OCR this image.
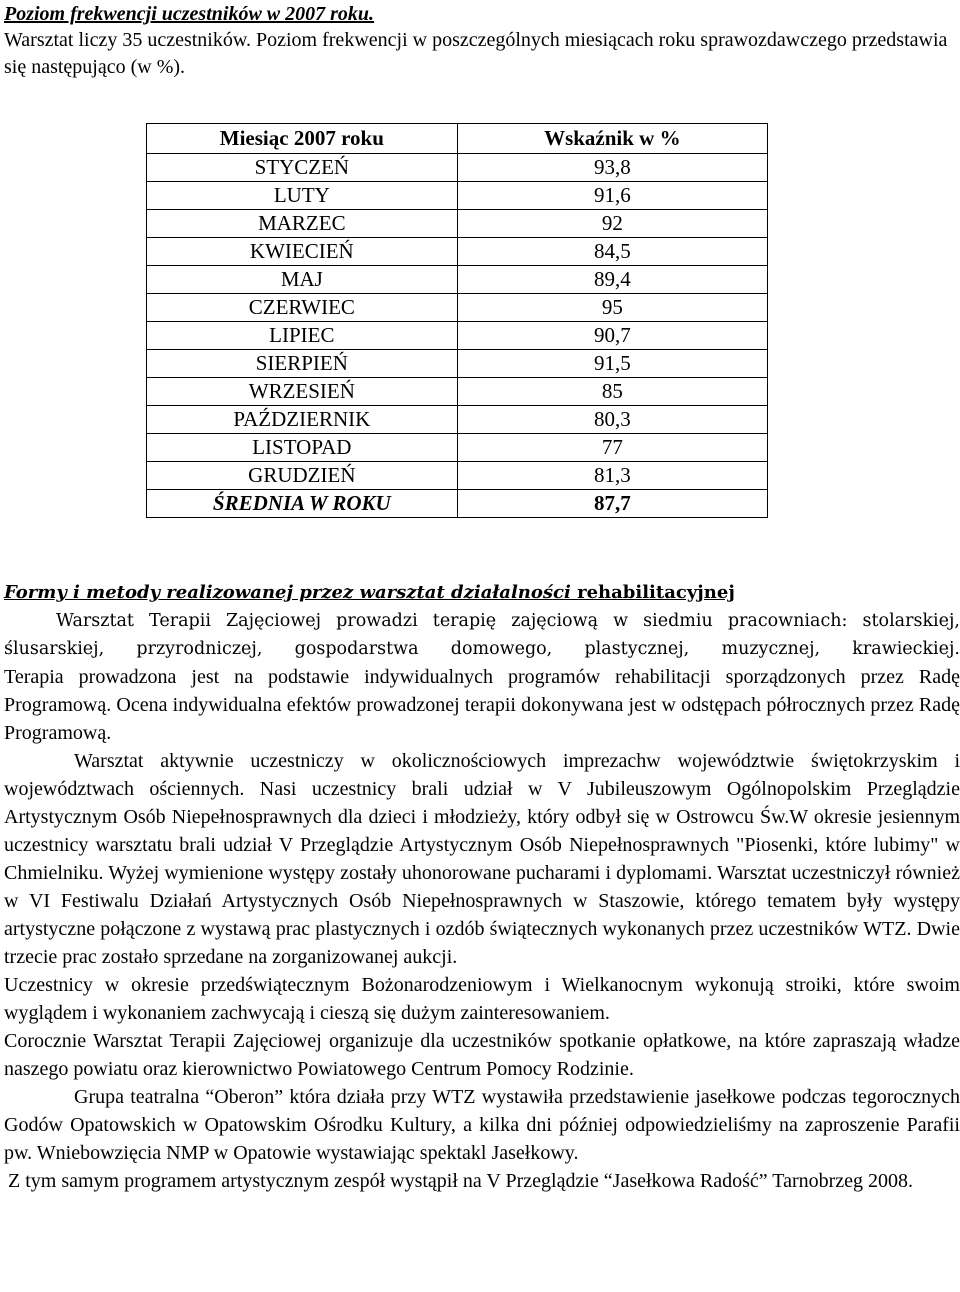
Poziom frekwencji uczestników w 2007 roku.

Warsztat liczy 35 uczestników. Poziom frekwencji w poszczególnych miesiącach roku sprawozdawczego przedstawia się następująco (w %).

Miesiąc 2007 roku	Wskaźnik w %
STYCZEŃ	93,8
LUTY	91,6
MARZEC	92
KWIECIEŃ	84,5
MAJ	89,4
CZERWIEC	95
LIPIEC	90,7
SIERPIEŃ	91,5
WRZESIEŃ	85
PAŹDZIERNIK	80,3
LISTOPAD	77
GRUDZIEŃ	81,3
ŚREDNIA W ROKU	87,7
Formy i metody realizowanej przez warsztat działalności rehabilitacyjnej

Warsztat Terapii Zajęciowej prowadzi terapię zajęciową w siedmiu pracowniach: stolarskiej, ślusarskiej, przyrodniczej, gospodarstwa domowego, plastycznej, muzycznej, krawieckiej.

Terapia prowadzona jest na podstawie indywidualnych programów rehabilitacji sporządzonych przez Radę Programową. Ocena indywidualna efektów prowadzonej terapii dokonywana jest w odstępach półrocznych przez Radę Programową.

Warsztat aktywnie uczestniczy w okolicznościowych imprezachw województwie świętokrzyskim i województwach ościennych. Nasi uczestnicy brali udział w V Jubileuszowym Ogólnopolskim Przeglądzie Artystycznym Osób Niepełnosprawnych dla dzieci i młodzieży, który odbył się w Ostrowcu Św.W okresie jesiennym uczestnicy warsztatu brali udział V Przeglądzie Artystycznym Osób Niepełnosprawnych "Piosenki, które lubimy" w Chmielniku. Wyżej wymienione występy zostały uhonorowane pucharami i dyplomami. Warsztat uczestniczył również w VI Festiwalu Działań Artystycznych Osób Niepełnosprawnych w Staszowie, którego tematem były występy artystyczne połączone z wystawą prac plastycznych i ozdób świątecznych wykonanych przez uczestników WTZ. Dwie trzecie prac zostało sprzedane na zorganizowanej aukcji.

Uczestnicy w okresie przedświątecznym Bożonarodzeniowym i Wielkanocnym wykonują stroiki, które swoim wyglądem i wykonaniem zachwycają i cieszą się dużym zainteresowaniem.

Corocznie Warsztat Terapii Zajęciowej organizuje dla uczestników spotkanie opłatkowe, na które zapraszają władze naszego powiatu oraz kierownictwo Powiatowego Centrum Pomocy Rodzinie.

Grupa teatralna “Oberon” która działa przy WTZ wystawiła przedstawienie jasełkowe podczas tegorocznych Godów Opatowskich w Opatowskim Ośrodku Kultury, a kilka dni później odpowiedzieliśmy na zaproszenie Parafii pw. Wniebowzięcia NMP w Opatowie wystawiając spektakl Jasełkowy.

Z tym samym programem artystycznym zespół wystąpił na V Przeglądzie “Jasełkowa Radość” Tarnobrzeg 2008.
